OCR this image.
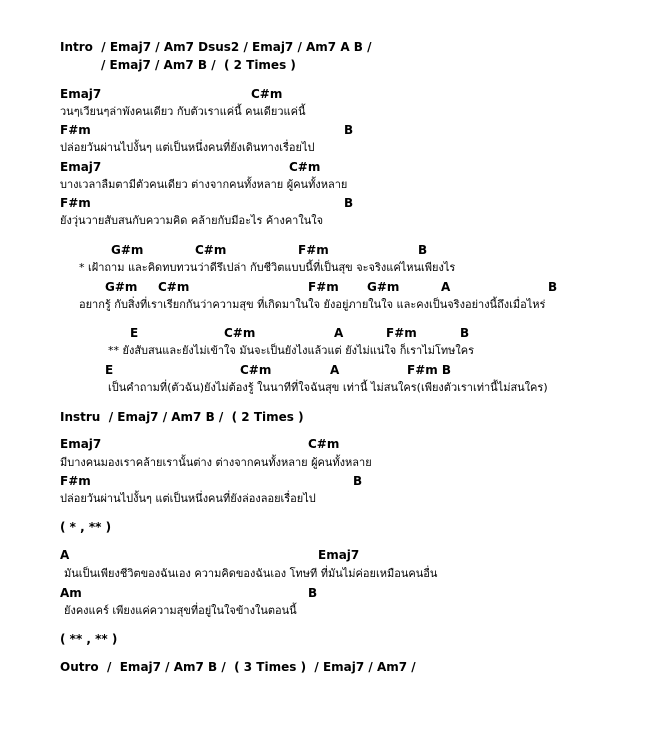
Intro  / Emaj7 / Am7 Dsus2 / Emaj7 / Am7 A B /
/ Emaj7 / Am7 B /  ( 2 Times )
Emaj7	C#m
วนๆเวียนๆล่าพังคนเดียว กับตัวเราแค่นี้ คนเดียวแค่นี้
F#m	B
ปล่อยวันผ่านไปงั้นๆ แต่เป็นหนึ่งคนที่ยังเดินทางเรื่อยไป
Emaj7	C#m
บางเวลาลืมตามีตัวคนเดียว ต่างจากคนทั้งหลาย ผู้คนทั้งหลาย
F#m	B
ยังวุ่นวายสับสนกับความคิด คล้ายกับมีอะไร ค้างคาในใจ
G#m	C#m	F#m	B
* เฝ้าถาม และคิดทบทวนว่าดีรึเปล่า กับชีวิตแบบนี้ที่เป็นสุข จะจริงแค่ไหนเพียงไร
G#m C#m	F#m G#m	A	B
อยากรู้ กับสิ่งที่เราเรียกกันว่าความสุข ที่เกิดมาในใจ ยังอยู่ภายในใจ และคงเป็นจริงอย่างนี้ถึงเมื่อไหร่
E	C#m	A	F#m	B
** ยังสับสนและยังไม่เข้าใจ มันจะเป็นยังไงแล้วแต่ ยังไม่แน่ใจ ก็เราไม่โทษใคร
E	C#m	A	F#m B
เป็นคำถามที่(ตัวฉัน)ยังไม่ต้องรู้ ในนาทีที่ใจฉันสุข เท่านี้ ไม่สนใคร(เพียงตัวเราเท่านี้ไม่สนใคร)
Instru  / Emaj7 / Am7 B /  ( 2 Times )
Emaj7	C#m
มีบางคนมองเราคล้ายเรานั้นต่าง ต่างจากคนทั้งหลาย ผู้คนทั้งหลาย
F#m	B
ปล่อยวันผ่านไปงั้นๆ แต่เป็นหนึ่งคนที่ยังล่องลอยเรื่อยไป
( * , ** )
A	Emaj7
มันเป็นเพียงชีวิตของฉันเอง ความคิดของฉันเอง โทษที ที่มันไม่ค่อยเหมือนคนอื่น
Am	B
ยังคงแคร์ เพียงแค่ความสุขที่อยู่ในใจข้างในตอนนี้
( ** , ** )
Outro  /  Emaj7 / Am7 B /  ( 3 Times )  / Emaj7 / Am7 /
